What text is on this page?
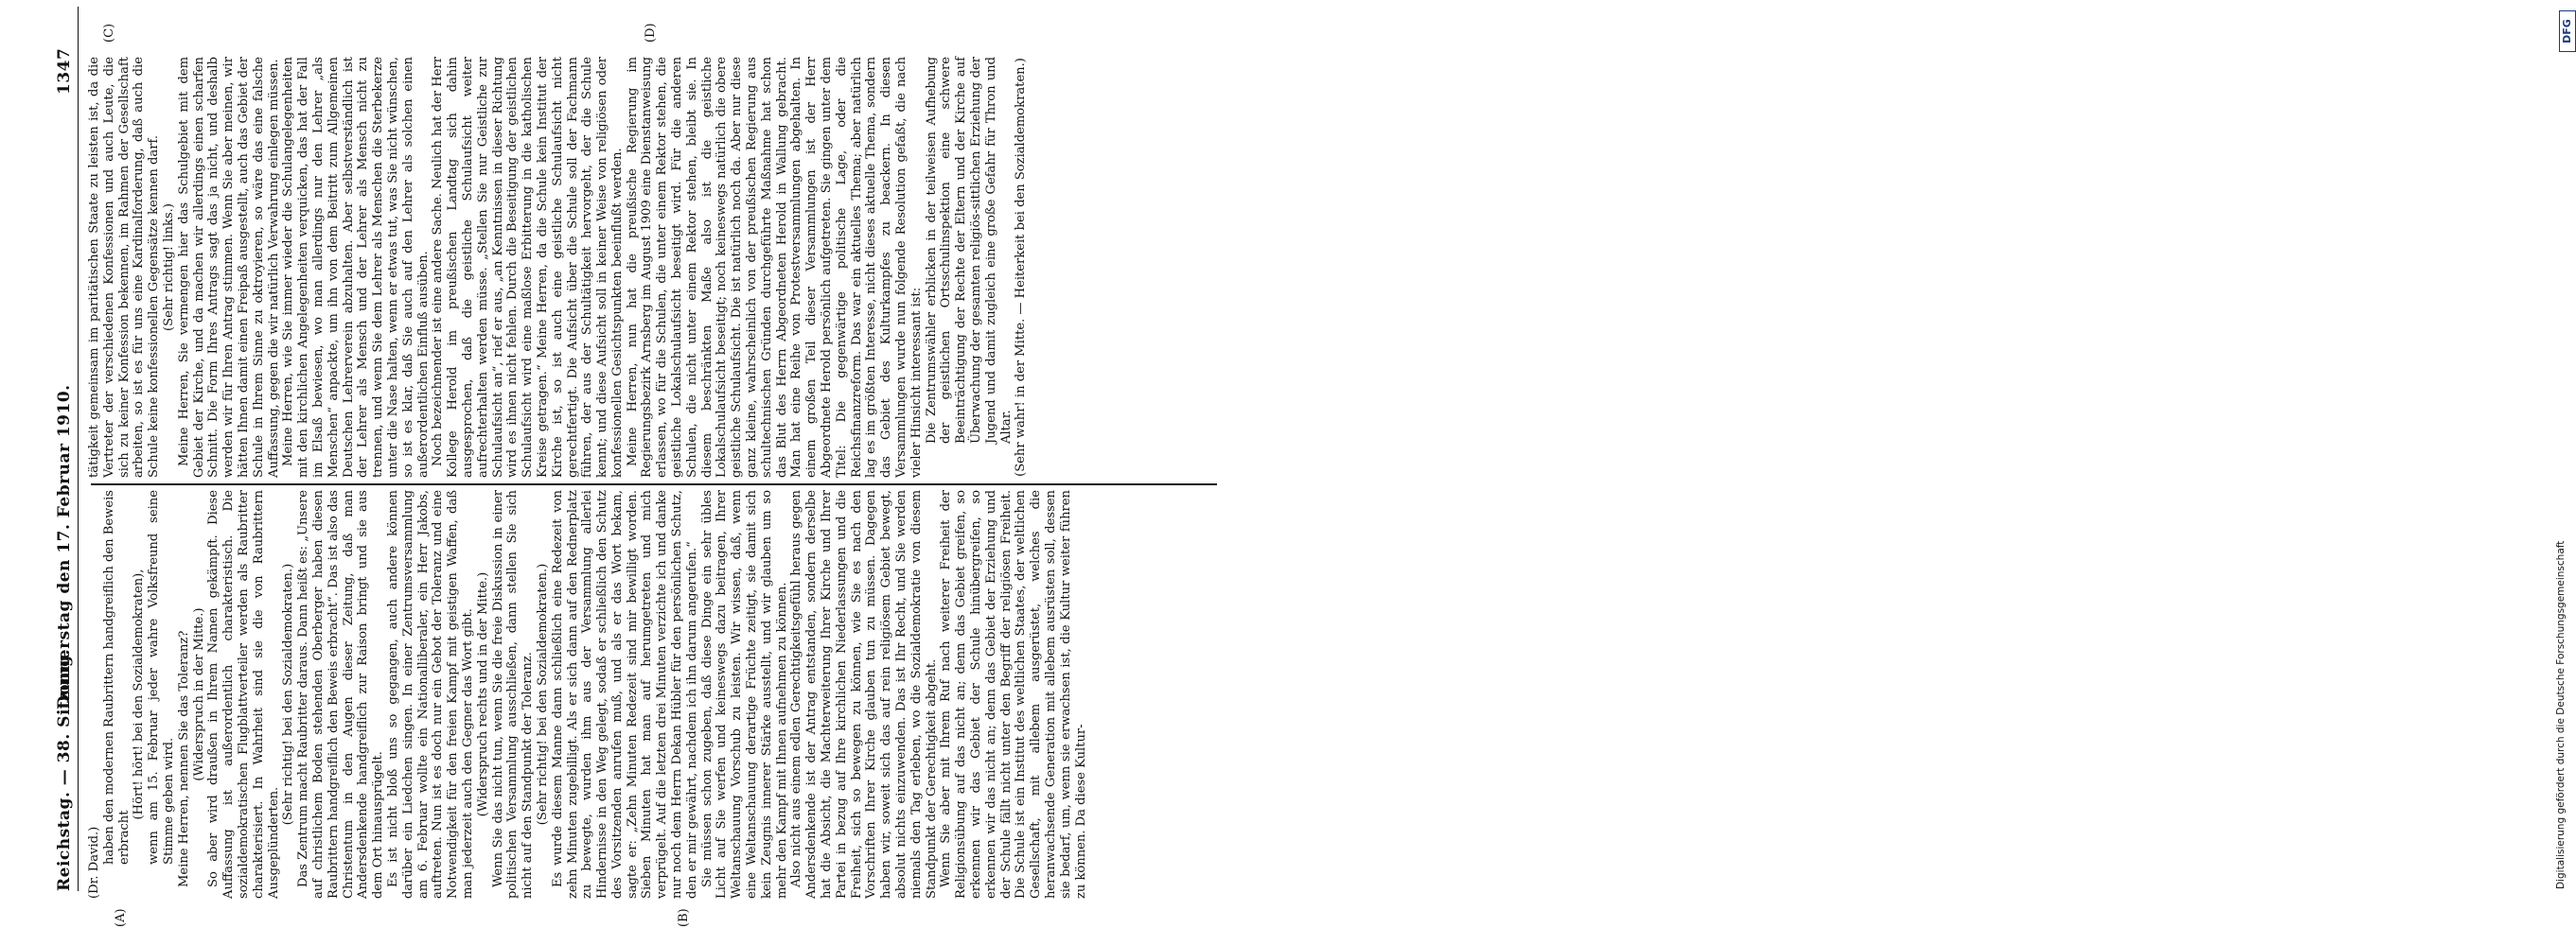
Reichstag. — 38. Sitzung.
Donnerstag den 17. Februar 1910.
1347
(A)	(B)
(C)	(D)
(Dr. David.) haben den modernen Raubrittern handgreiflich den Beweis erbracht

(Hört! hört! bei den Sozialdemokraten), wenn am 15. Februar jeder wahre Volksfreund seine Stimme geben wird. Meine Herren, nennen Sie das Toleranz? (Widerspruch in der Mitte.) So aber wird draußen in Ihrem Namen gekämpft. Diese Auffassung ist außerordentlich charakteristisch. Die sozialdemokratischen Flugblattverteiler werden als Raubritter charakterisiert. In Wahrheit sind sie die von Raubrittern Ausgeplünderten.

(Sehr richtig! bei den Sozialdemokraten.) Das Zentrum macht Raubritter daraus. Dann heißt es: „Unsere auf christlichem Boden stehenden Oberberger haben diesen Raubrittern handgreiflich den Beweis erbracht“. Das ist also das Christentum in den Augen dieser Zeitung, daß man Andersdenkende handgreiflich zur Raison bringt und sie aus dem Ort hinausprügelt. Es ist nicht bloß uns so gegangen, auch andere können darüber ein Liedchen singen. In einer Zentrumsversammlung am 6. Februar wollte ein Nationalliberaler, ein Herr Jakobs, auftreten. Nun ist es doch nur ein Gebot der Toleranz und eine Notwendigkeit für den freien Kampf mit geistigen Waffen, daß man jederzeit auch den Gegner das Wort gibt. (Widerspruch rechts und in der Mitte.) Wenn Sie das nicht tun, wenn Sie die freie Diskussion in einer politischen Versammlung ausschließen, dann stellen Sie sich nicht auf den Standpunkt der Toleranz. (Sehr richtig! bei den Sozialdemokraten.) Es wurde diesem Manne dann schließlich eine Redezeit von zehn Minuten zugebilligt. Als er sich dann auf den Rednerplatz zu bewegte, wurden ihm aus der Versammlung allerlei Hindernisse in den Weg gelegt, sodaß er schließlich den Schutz des Vorsitzenden anrufen muß, und als er das Wort bekam, sagte er: „Zehn Minuten Redezeit sind mir bewilligt worden. Sieben Minuten hat man auf herumgetreten und mich verprügelt. Auf die letzten drei Minuten verzichte ich und danke nur noch dem Herrn Dekan Hübler für den persönlichen Schutz, den er mir gewährt, nachdem ich ihn darum angerufen.“ Sie müssen schon zugeben, daß diese Dinge ein sehr übles Licht auf Sie werfen und keineswegs dazu beitragen, Ihrer Weltanschauung Vorschub zu leisten. Wir wissen, daß, wenn eine Weltanschauung derartige Früchte zeitigt, sie damit sich kein Zeugnis innerer Stärke ausstellt, und wir glauben um so mehr den Kampf mit Ihnen aufnehmen zu können. Also nicht aus einem edlen Gerechtigkeitsgefühl heraus gegen Andersdenkende ist der Antrag entstanden, sondern derselbe hat die Absicht, die Machterweiterung Ihrer Kirche und Ihrer Partei in bezug auf Ihre kirchlichen Niederlassungen und die Freiheit, sich so bewegen zu können, wie Sie es nach den Vorschriften Ihrer Kirche glauben tun zu müssen. Dagegen haben wir, soweit sich das auf rein religiösem Gebiet bewegt, absolut nichts einzuwenden. Das ist Ihr Recht, und Sie werden niemals den Tag erleben, wo die Sozialdemokratie von diesem Standpunkt der Gerechtigkeit abgeht. Wenn Sie aber mit Ihrem Ruf nach weiterer Freiheit der Religionsübung auf das nicht an; denn das Gebiet greifen, so erkennen wir das Gebiet der Schule hinübergreifen, so erkennen wir das nicht an; denn das Gebiet der Erziehung und der Schule fällt nicht unter den Begriff der religiösen Freiheit. Die Schule ist ein Institut des weltlichen Staates, der weltlichen Gesellschaft, mit allebem ausgerüstet, welches die heranwachsende Generation mit allebem ausrüsten soll, dessen sie bedarf, um, wenn sie erwachsen ist, die Kultur weiter führen zu können. Da diese Kultur-

tätigkeit gemeinsam im paritätischen Staate zu leisten ist, da die Vertreter der verschiedenen Konfessionen und auch Leute, die sich zu keiner Konfession bekennen, im Rahmen der Gesellschaft arbeiten, so ist es für uns eine Kardinalforderung, daß auch die Schule keine konfessionellen Gegensätze kennen darf. (Sehr richtig! links.) Meine Herren, Sie vermengen hier das Schulgebiet mit dem Gebiet der Kirche, und da machen wir allerdings einen scharfen Schnitt. Die Form Ihres Antrags sagt das ja nicht, und deshalb werden wir für Ihren Antrag stimmen. Wenn Sie aber meinen, wir hätten Ihnen damit einen Freipaß ausgestellt, auch das Gebiet der Schule in Ihrem Sinne zu oktroyieren, so wäre das eine falsche Auffassung, gegen die wir natürlich Verwahrung einlegen müssen. Meine Herren, wie Sie immer wieder die Schulangelegenheiten mit den kirchlichen Angelegenheiten verquicken, das hat der Fall im Elsaß bewiesen, wo man allerdings nur den Lehrer „als Menschen“ anpackte, um ihn von dem Beitritt zum Allgemeinen Deutschen Lehrerverein abzuhalten. Aber selbstverständlich ist der Lehrer als Mensch und der Lehrer als Mensch nicht zu trennen, und wenn Sie dem Lehrer als Menschen die Sterbekerze unter die Nase halten, wenn er etwas tut, was Sie nicht wünschen, so ist es klar, daß Sie auch auf den Lehrer als solchen einen außerordentlichen Einfluß ausüben. Noch bezeichnender ist eine andere Sache. Neulich hat der Herr Kollege Herold im preußischen Landtag sich dahin ausgesprochen, daß die geistliche Schulaufsicht weiter aufrechterhalten werden müsse. „Stellen Sie nur Geistliche zur Schulaufsicht an“, rief er aus, „an Kenntnissen in dieser Richtung wird es ihnen nicht fehlen. Durch die Beseitigung der geistlichen Schulaufsicht wird eine maßlose Erbitterung in die katholischen Kreise getragen.“ Meine Herren, da die Schule kein Institut der Kirche ist, so ist auch eine geistliche Schulaufsicht nicht gerechtfertigt. Die Aufsicht über die Schule soll der Fachmann führen, der aus der Schultätigkeit hervorgeht, der die Schule kennt; und diese Aufsicht soll in keiner Weise von religiösen oder konfessionellen Gesichtspunkten beeinflußt werden. Meine Herren, nun hat die preußische Regierung im Regierungsbezirk Arnsberg im August 1909 eine Dienstanweisung erlassen, wo für die Schulen, die unter einem Rektor stehen, die geistliche Lokalschulaufsicht beseitigt wird. Für die anderen Schulen, die nicht unter einem Rektor stehen, bleibt sie. In diesem beschränkten Maße also ist die geistliche Lokalschulaufsicht beseitigt; noch keineswegs natürlich die obere geistliche Schulaufsicht. Die ist natürlich noch da. Aber nur diese ganz kleine, wahrscheinlich von der preußischen Regierung aus schultechnischen Gründen durchgeführte Maßnahme hat schon das Blut des Herrn Abgeordneten Herold in Wallung gebracht. Man hat eine Reihe von Protestversammlungen abgehalten. In einem großen Teil dieser Versammlungen ist der Herr Abgeordnete Herold persönlich aufgetreten. Sie gingen unter dem Titel: Die gegenwärtige politische Lage, oder die Reichsfinanzreform. Das war ein aktuelles Thema; aber natürlich lag es im größten Interesse, nicht dieses aktuelle Thema, sondern das Gebiet des Kulturkampfes zu beackern. In diesen Versammlungen wurde nun folgende Resolution gefaßt, die nach vieler Hinsicht interessant ist: Die Zentrumswähler erblicken in der teilweisen Aufhebung der geistlichen Ortsschulinspektion eine schwere Beeinträchtigung der Rechte der Eltern und der Kirche auf Überwachung der gesamten religiös-sittlichen Erziehung der Jugend und damit zugleich eine große Gefahr für Thron und Altar. (Sehr wahr! in der Mitte. — Heiterkeit bei den Sozialdemokraten.)

Digitalisierung gefördert durch die Deutsche Forschungsgemeinschaft
DFG
